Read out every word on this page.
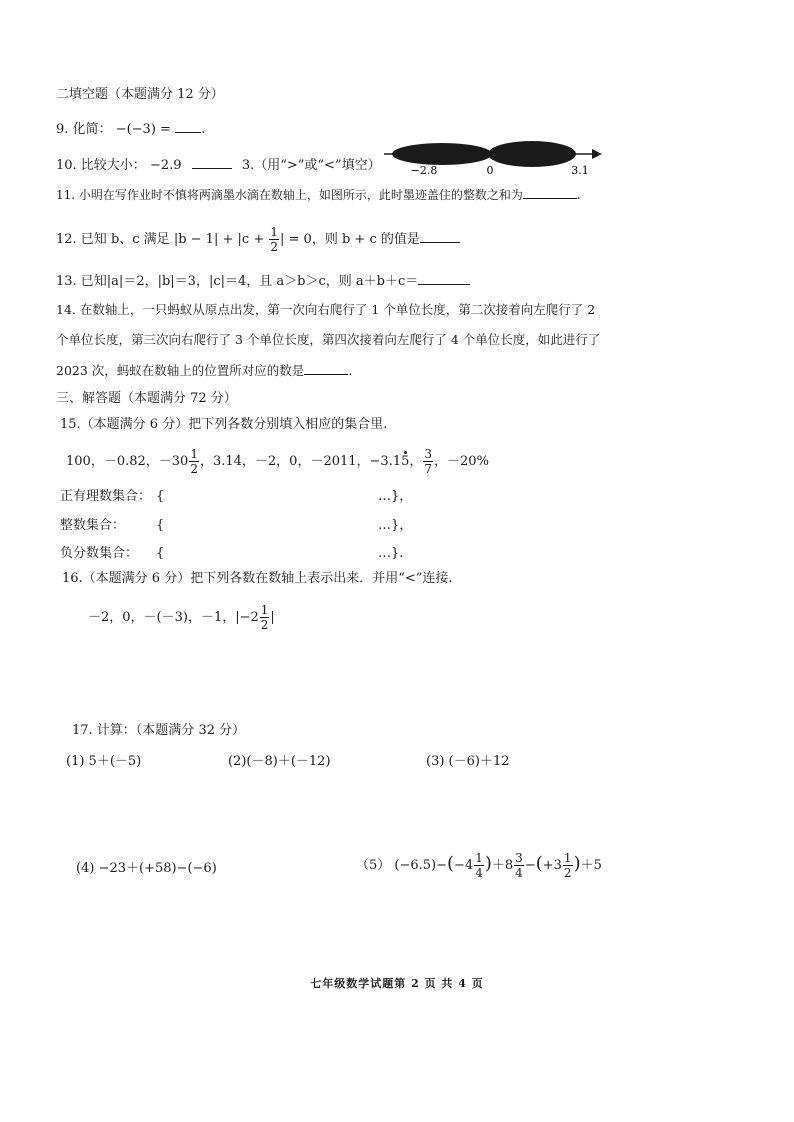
二填空题（本题满分 12 分）
9. 化简： −(−3) = .
10. 比较大小： −2.9	3.（用“>”或“<”填空）	−2.8	0	3.1
11. 小明在写作业时不慎将两滴墨水滴在数轴上，如图所示，此时墨迹盖住的整数之和为	.
12. 已知 b、c 满足 $|b - 1| + |c + \frac{1}{2}$ | = 0，则 b + c 的值是
13. 已知|a|＝2，|b|＝3，|c|＝4，且 a＞b＞c，则 a＋b＋c＝
14. 在数轴上，一只蚂蚁从原点出发，第一次向右爬行了 1 个单位长度，第二次接着向左爬行了 2
个单位长度，第三次向右爬行了 3 个单位长度，第四次接着向左爬行了 4 个单位长度，如此进行了
2023 次，蚂蚁在数轴上的位置所对应的数是	.
三、解答题（本题满分 72 分）
15.（本题满分 6 分）把下列各数分别填入相应的集合里.
100，－0.82，$-30 \frac{1}{2}$ ，3.14，－2，0，－2011，−3.15， $\frac{3}{7}$ ，－20%
正有理数集合： {	…}，
整数集合： {	…}，
负分数集合： {	…}.
16.（本题满分 6 分）把下列各数在数轴上表示出来．并用“<”连接.
－2，0，－(－3)，－1，$|-2 \frac{1}{2}$ |
17. 计算：（本题满分 32 分）
(1) 5＋(－5)	(2)(－8)＋(－12)	(3) (－6)＋12
(4) −23＋(+58)−(−6)	（5） $(-6.5)-(-4 \frac{1}{4} )+8 \frac{3}{4} -(+3 \frac{1}{2} )+5$
七年级数学试题第 2 页 共 4 页
